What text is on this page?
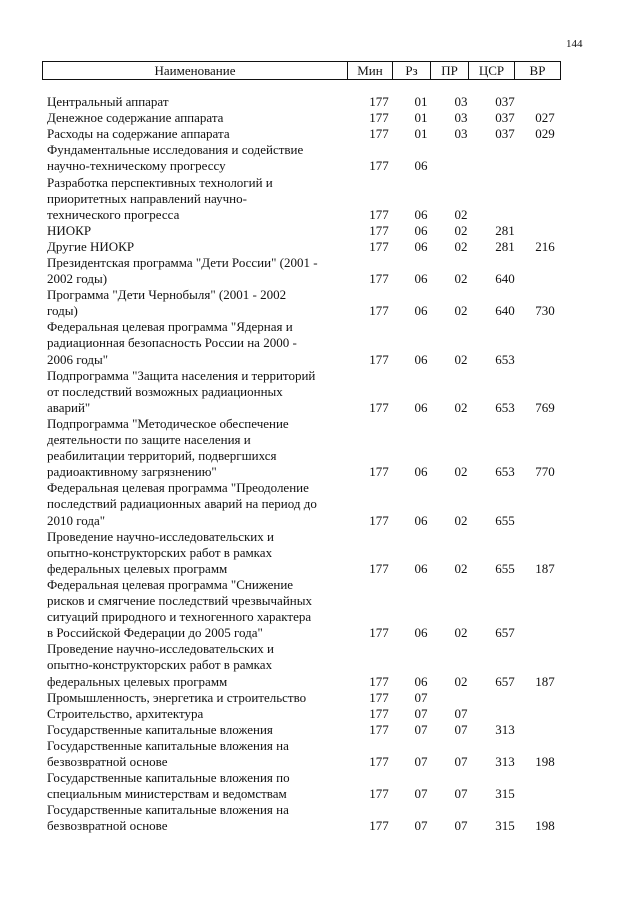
144
Наименование	Мин	Рз	ПР	ЦСР	ВР
Центральный аппарат	177	01	03	037
Денежное содержание аппарата	177	01	03	037	027
Расходы на содержание аппарата	177	01	03	037	029
Фундаментальные исследования и содействие
научно-техническому прогрессу	177	06
Разработка перспективных технологий и
приоритетных направлений научно-
технического прогресса	177	06	02
НИОКР	177	06	02	281
Другие НИОКР	177	06	02	281	216
Президентская программа "Дети России" (2001 -
2002 годы)	177	06	02	640
Программа "Дети Чернобыля" (2001 - 2002
годы)	177	06	02	640	730
Федеральная целевая программа "Ядерная и
радиационная безопасность России на 2000 -
2006 годы"	177	06	02	653
Подпрограмма "Защита населения и территорий
от последствий возможных радиационных
аварий"	177	06	02	653	769
Подпрограмма "Методическое обеспечение
деятельности по защите населения и
реабилитации территорий, подвергшихся
радиоактивному загрязнению"	177	06	02	653	770
Федеральная целевая программа "Преодоление
последствий радиационных аварий на период до
2010 года"	177	06	02	655
Проведение научно-исследовательских и
опытно-конструкторских работ в рамках
федеральных целевых программ	177	06	02	655	187
Федеральная целевая программа "Снижение
рисков и смягчение последствий чрезвычайных
ситуаций природного и техногенного характера
в Российской Федерации до 2005 года"	177	06	02	657
Проведение научно-исследовательских и
опытно-конструкторских работ в рамках
федеральных целевых программ	177	06	02	657	187
Промышленность, энергетика и строительство	177	07
Строительство, архитектура	177	07	07
Государственные капитальные вложения	177	07	07	313
Государственные капитальные вложения на
безвозвратной основе	177	07	07	313	198
Государственные капитальные вложения по
специальным министерствам и ведомствам	177	07	07	315
Государственные капитальные вложения на
безвозвратной основе	177	07	07	315	198
